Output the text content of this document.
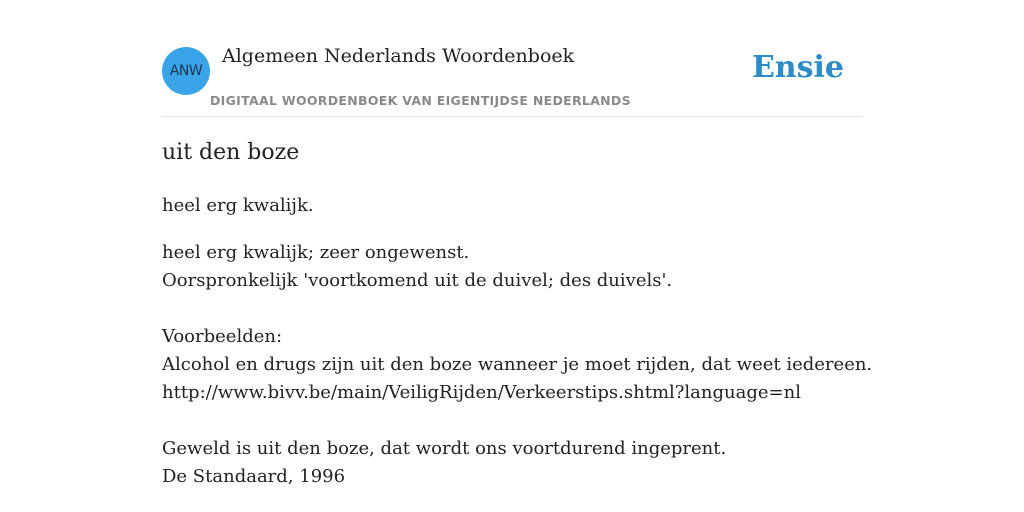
ANW
Algemeen Nederlands Woordenboek
DIGITAAL WOORDENBOEK VAN EIGENTIJDSE NEDERLANDS
Ensie
uit den boze
heel erg kwalijk.
heel erg kwalijk; zeer ongewenst.
Oorspronkelijk 'voortkomend uit de duivel; des duivels'.
Voorbeelden:
Alcohol en drugs zijn uit den boze wanneer je moet rijden, dat weet iedereen.
http://www.bivv.be/main/VeiligRijden/Verkeerstips.shtml?language=nl
Geweld is uit den boze, dat wordt ons voortdurend ingeprent.
De Standaard, 1996
